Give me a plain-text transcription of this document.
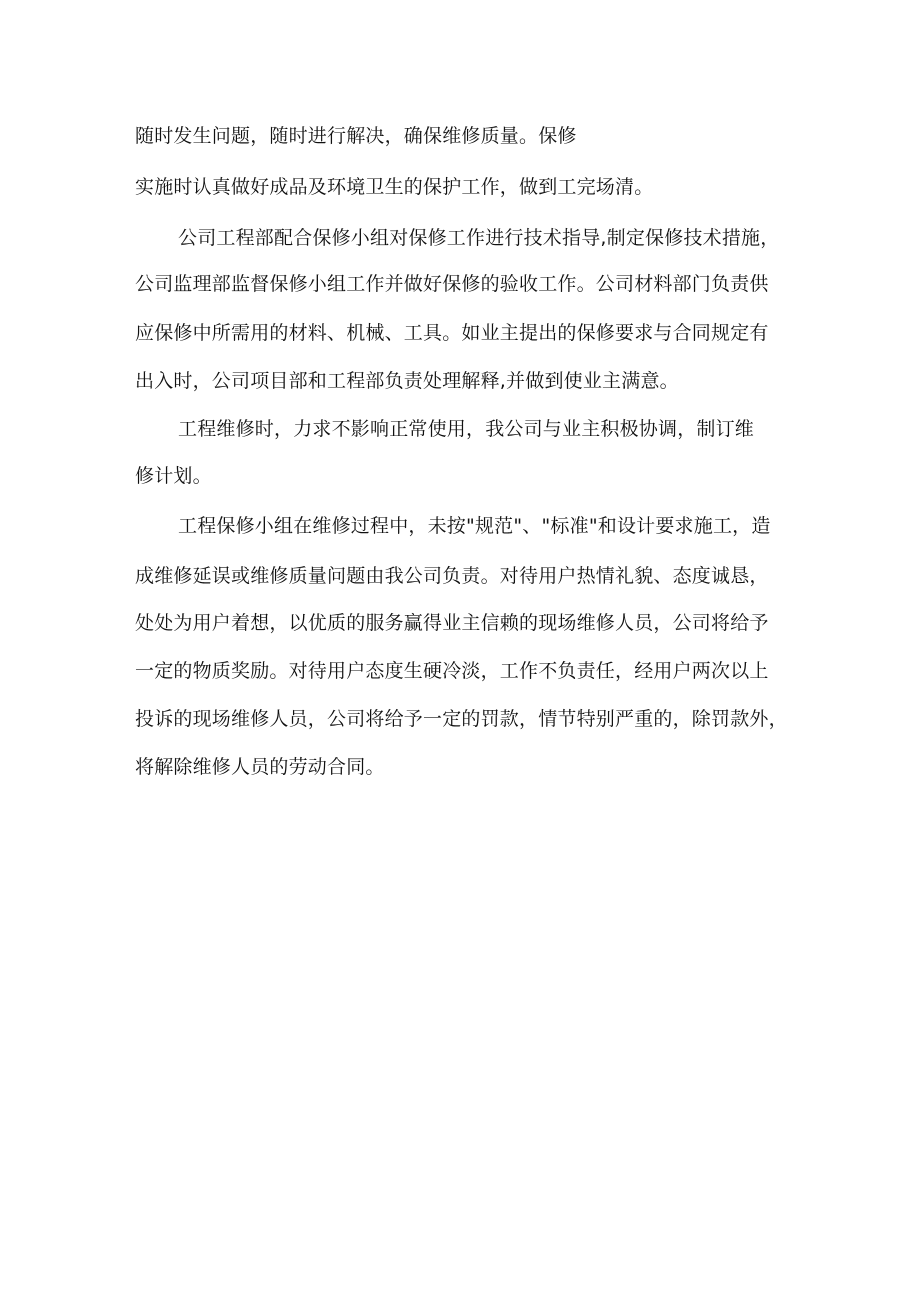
随时发生问题，随时进行解决，确保维修质量。保修
实施时认真做好成品及环境卫生的保护工作，做到工完场清。
公司工程部配合保修小组对保修工作进行技术指导,制定保修技术措施，
公司监理部监督保修小组工作并做好保修的验收工作。公司材料部门负责供
应保修中所需用的材料、机械、工具。如业主提出的保修要求与合同规定有
出入时，公司项目部和工程部负责处理解释,并做到使业主满意。
工程维修时，力求不影响正常使用，我公司与业主积极协调，制订维
修计划。
工程保修小组在维修过程中，未按"规范"、"标准"和设计要求施工，造
成维修延误或维修质量问题由我公司负责。对待用户热情礼貌、态度诚恳，
处处为用户着想，以优质的服务赢得业主信赖的现场维修人员，公司将给予
一定的物质奖励。对待用户态度生硬冷淡，工作不负责任，经用户两次以上
投诉的现场维修人员，公司将给予一定的罚款，情节特别严重的，除罚款外，
将解除维修人员的劳动合同。
